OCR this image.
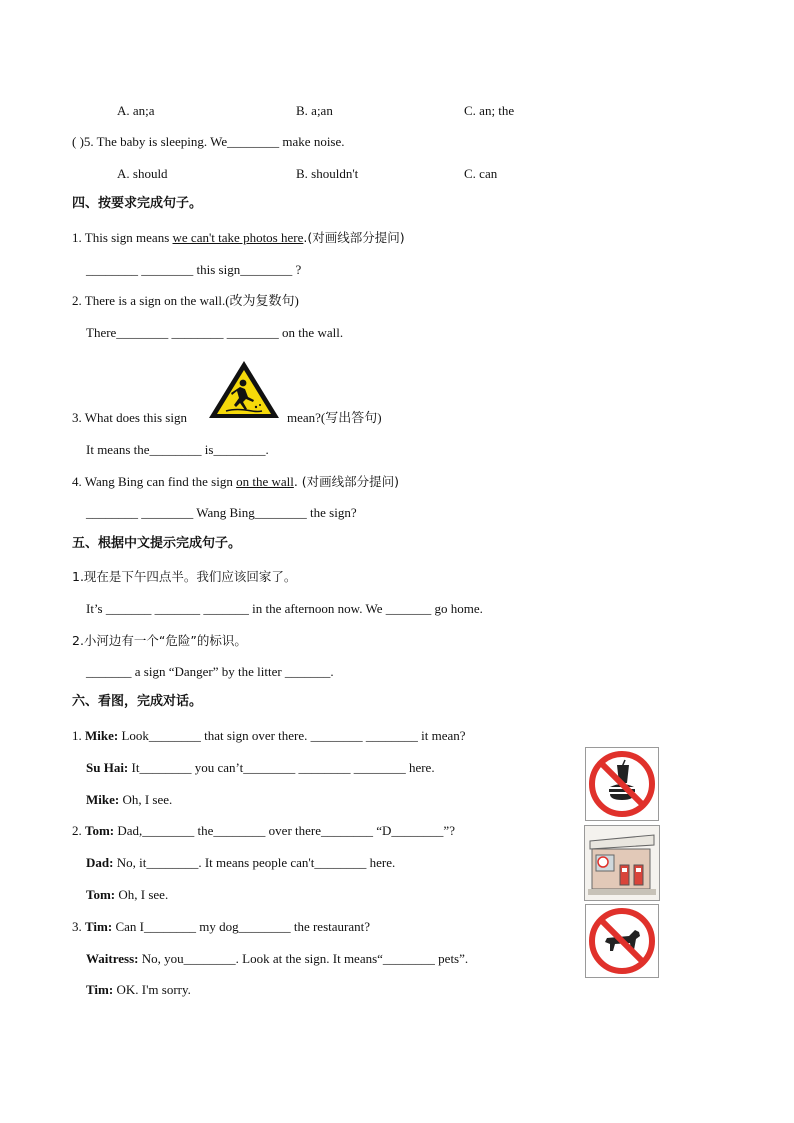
A. an;a	B. a;an	C. an; the
( )5. The baby is sleeping. We________ make noise.
A. should	B. shouldn't	C. can
四、按要求完成句子。
1. This sign means we can't take photos here.(对画线部分提问)
________ ________ this sign________ ?
2. There is a sign on the wall.(改为复数句)
There________ ________ ________ on the wall.
3. What does this sign	mean?(写出答句)
It means the________ is________.
4. Wang Bing can find the sign on the wall. (对画线部分提问)
________ ________ Wang Bing________ the sign?
五、根据中文提示完成句子。
1.现在是下午四点半。我们应该回家了。
It’s _______ _______ _______ in the afternoon now. We _______ go home.
2.小河边有一个“危险”的标识。
_______ a sign “Danger” by the litter _______.
六、看图，完成对话。
1. Mike: Look________ that sign over there. ________ ________ it mean?
Su Hai: It________ you can’t________ ________ ________ here.
Mike: Oh, I see.
2. Tom: Dad,________ the________ over there________ “D________”?
Dad: No, it________. It means people can't________ here.
Tom: Oh, I see.
3. Tim: Can I________ my dog________ the restaurant?
Waitress: No, you________. Look at the sign. It means“________ pets”.
Tim: OK. I'm sorry.
